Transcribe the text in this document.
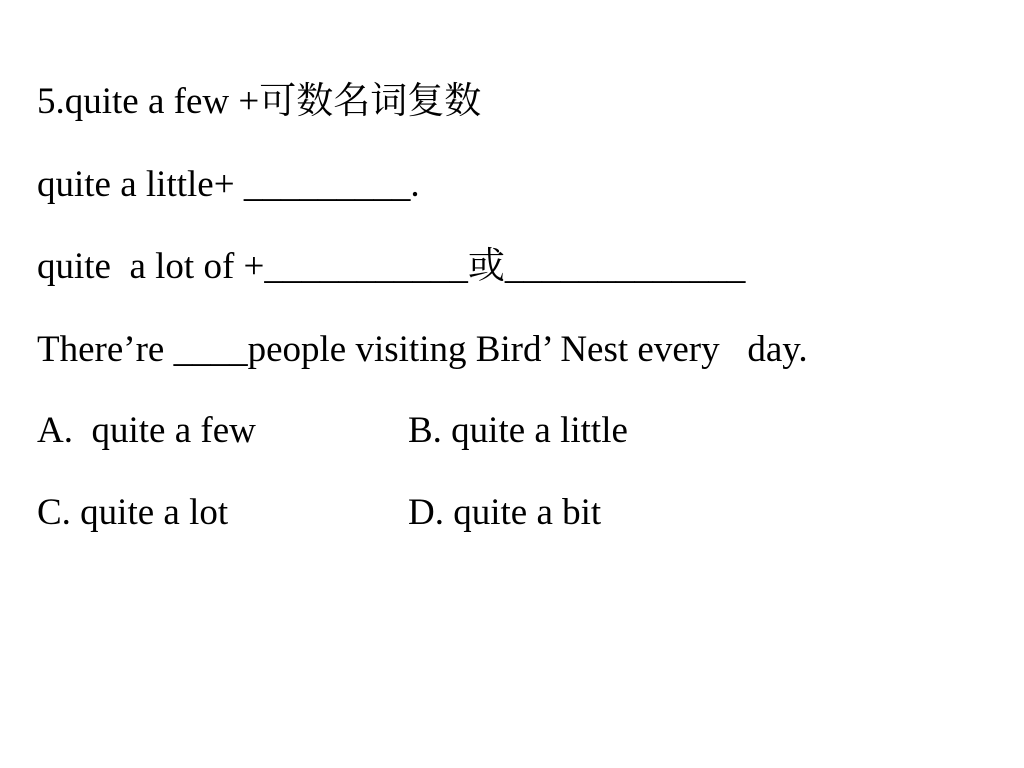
5.quite a few +可数名词复数
quite a little+ _________.
quite  a lot of +___________或_____________
There’re ____people visiting Bird’ Nest every   day.
A.  quite a few	B. quite a little
C. quite a lot	D. quite a bit
